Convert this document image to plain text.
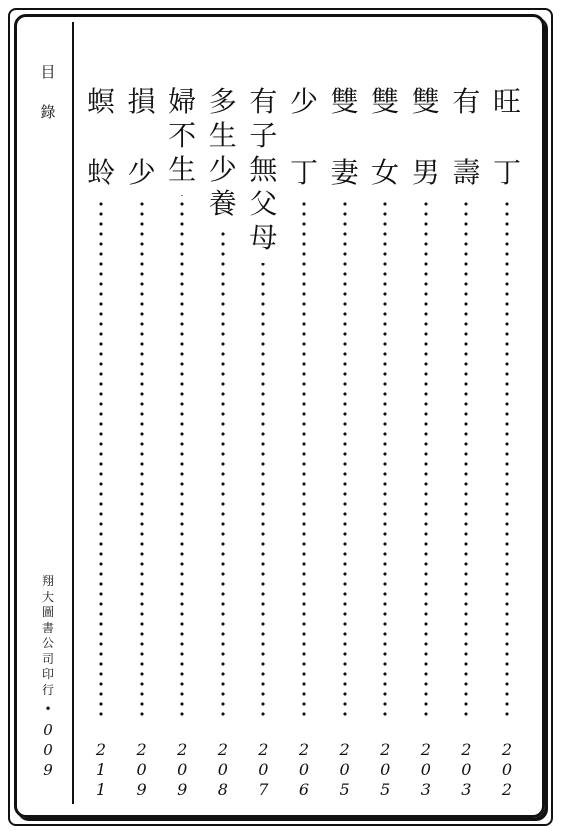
目
錄
翔
大
圖
書
公
司
印
行
•
0
0
9
旺
丁
2
0
2
有
壽
2
0
3
雙
男
2
0
3
雙
女
2
0
5
雙
妻
2
0
5
少
丁
2
0
6
有
子
無
父
母
2
0
7
多
生
少
養
2
0
8
婦
不
生
2
0
9
損
少
2
0
9
螟
蛉
2
1
1
